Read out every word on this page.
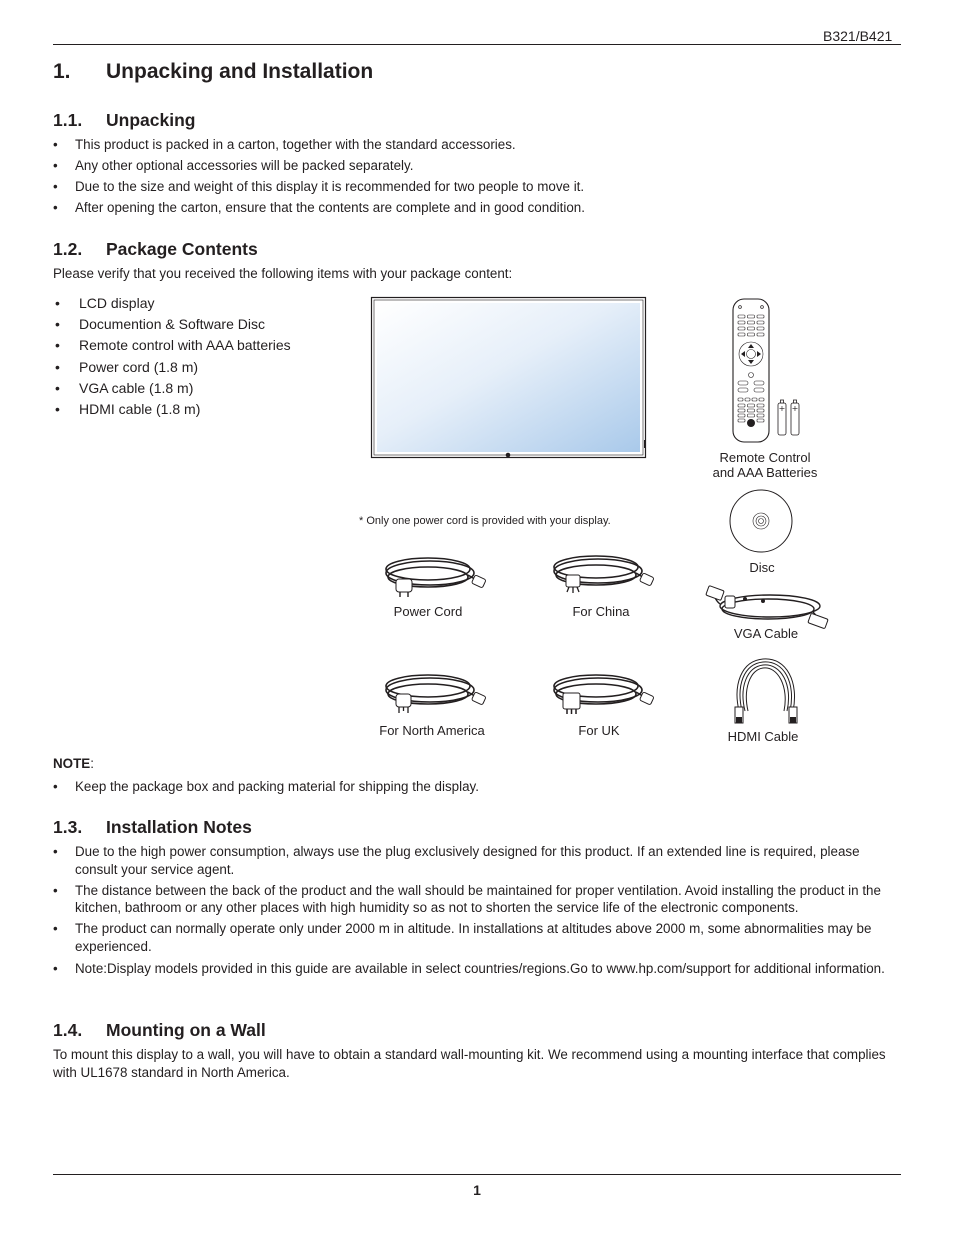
B321/B421
1. Unpacking and Installation
1.1. Unpacking
• This product is packed in a carton, together with the standard accessories.
• Any other optional accessories will be packed separately.
• Due to the size and weight of this display it is recommended for two people to move it.
• After opening the carton, ensure that the contents are complete and in good condition.
1.2. Package Contents
Please verify that you received the following items with your package content:
• LCD display
• Documention & Software Disc
• Remote control with AAA batteries
• Power cord (1.8 m)
• VGA cable (1.8 m)
• HDMI cable (1.8 m)	+ +
Remote Control
and AAA Batteries
* Only one power cord is provided with your display.
Disc
Power Cord	For China
For North America	For UK
VGA Cable
HDMI Cable
NOTE:
• Keep the package box and packing material for shipping the display.
1.3. Installation Notes
• Due to the high power consumption, always use the plug exclusively designed for this product. If an extended line is required, please consult your service agent.
• The distance between the back of the product and the wall should be maintained for proper ventilation. Avoid installing the product in the kitchen, bathroom or any other places with high humidity so as not to shorten the service life of the electronic components.
• The product can normally operate only under 2000 m in altitude. In installations at altitudes above 2000 m, some abnormalities may be experienced.
• Note:Display models provided in this guide are available in select countries/regions.Go to www.hp.com/support for additional information.
1.4. Mounting on a Wall
To mount this display to a wall, you will have to obtain a standard wall-mounting kit. We recommend using a mounting interface that complies with UL1678 standard in North America.
1
